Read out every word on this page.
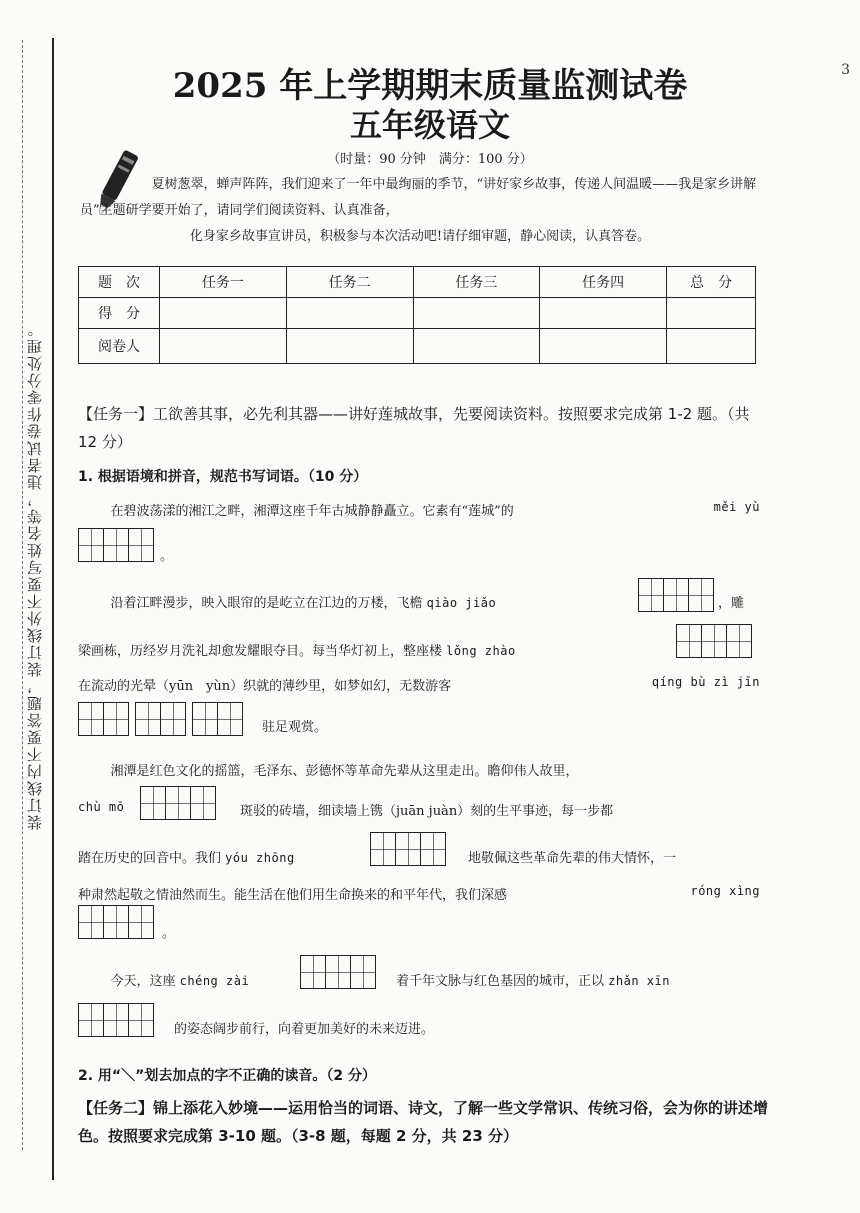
装订线内不要答题，装订线外不要写姓名等，违者试卷作零分处理。
3
2025 年上学期期末质量监测试卷
五年级语文
（时量：90 分钟　满分：100 分）
夏树葱翠，蝉声阵阵，我们迎来了一年中最绚丽的季节，“讲好家乡故事，传递人间温暖——我是家乡讲解员”主题研学要开始了，请同学们阅读资料、认真准备，
化身家乡故事宣讲员，积极参与本次活动吧!请仔细审题，静心阅读，认真答卷。
题　次	任务一	任务二	任务三	任务四	总　分
得　分					
阅卷人					
【任务一】工欲善其事，必先利其器——讲好莲城故事，先要阅读资料。按照要求完成第 1-2 题。（共 12 分）
1. 根据语境和拼音，规范书写词语。（10 分）
在碧波荡漾的湘江之畔，湘潭这座千年古城静静矗立。它素有“莲城”的	měi yù
。
沿着江畔漫步，映入眼帘的是屹立在江边的万楼，飞檐 qiào jiǎo	，雕
梁画栋，历经岁月洗礼却愈发耀眼夺目。每当华灯初上，整座楼 lǒng zhào
在流动的光晕（yūn　yùn）织就的薄纱里，如梦如幻，无数游客	qíng bù zì jīn
驻足观赏。
湘潭是红色文化的摇篮，毛泽东、彭德怀等革命先辈从这里走出。瞻仰伟人故里，
chù mō	斑驳的砖墙，细读墙上镌（juān juàn）刻的生平事迹，每一步都
踏在历史的回音中。我们 yóu zhōng	地敬佩这些革命先辈的伟大情怀，一
种肃然起敬之情油然而生。能生活在他们用生命换来的和平年代，我们深感	róng xìng
。
今天，这座 chéng zài	着千年文脉与红色基因的城市，正以 zhǎn xīn
的姿态阔步前行，向着更加美好的未来迈进。
2. 用“＼”划去加点的字不正确的读音。（2 分）
【任务二】锦上添花入妙境——运用恰当的词语、诗文，了解一些文学常识、传统习俗，会为你的讲述增色。按照要求完成第 3-10 题。（3-8 题，每题 2 分，共 23 分）
